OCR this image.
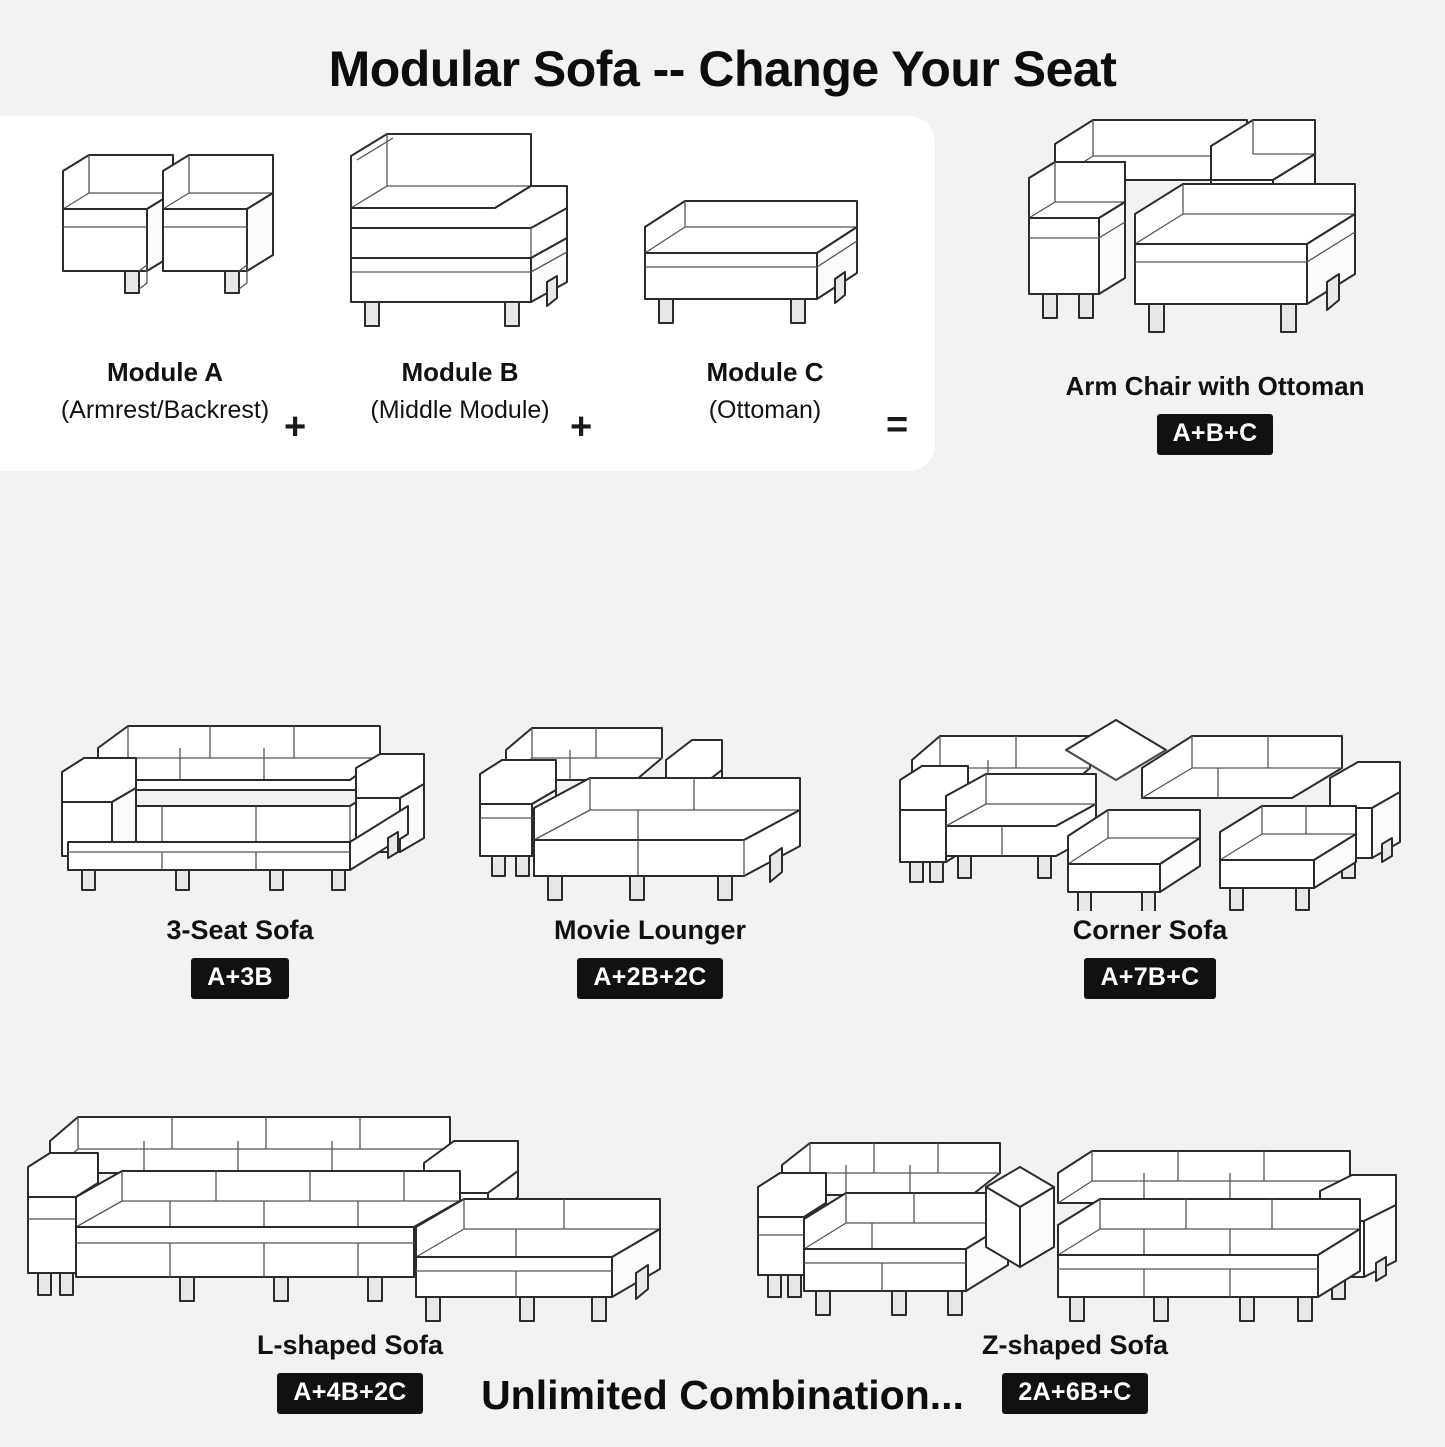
Modular Sofa -- Change Your Seat
Module A
(Armrest/Backrest) +
Module B
(Middle Module) +
Module C
(Ottoman)	=
Arm Chair with Ottoman
A+B+C
3-Seat Sofa
A+3B
Movie Lounger
A+2B+2C
Corner Sofa
A+7B+C
L-shaped Sofa
A+4B+2C
Z-shaped Sofa
2A+6B+C
Unlimited Combination...
